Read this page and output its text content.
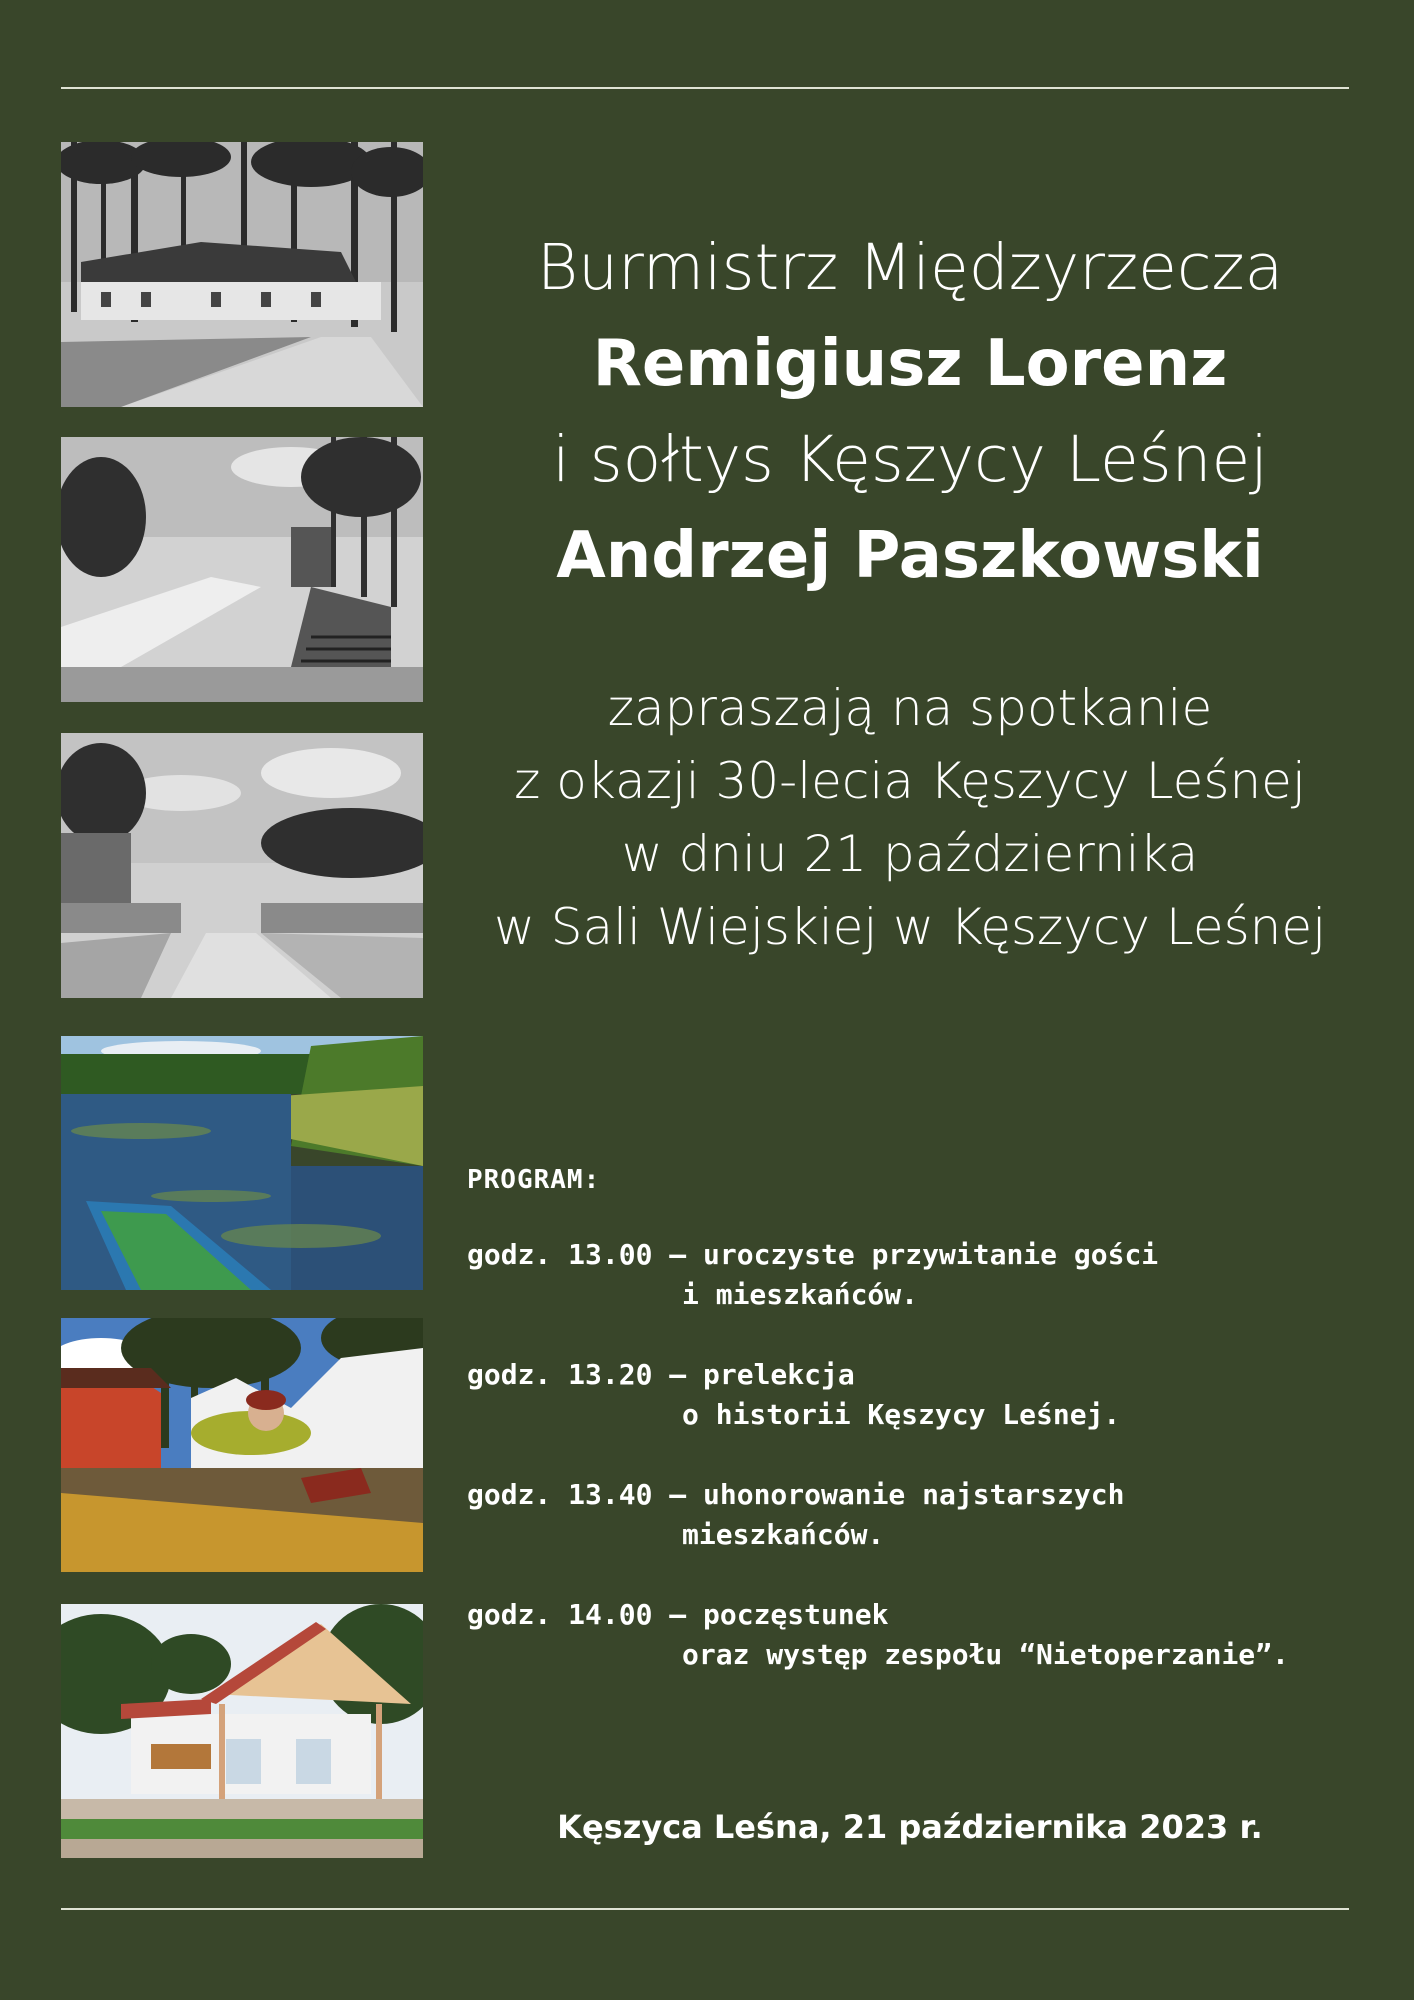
Burmistrz Międzyrzecza
Remigiusz Lorenz
i sołtys Kęszycy Leśnej
Andrzej Paszkowski
zapraszają na spotkanie
z okazji 30-lecia Kęszycy Leśnej
w dniu 21 października
w Sali Wiejskiej w Kęszycy Leśnej
PROGRAM:
godz. 13.00 – uroczyste przywitanie gości
i mieszkańców.
godz. 13.20 – prelekcja
o historii Kęszycy Leśnej.
godz. 13.40 – uhonorowanie najstarszych
mieszkańców.
godz. 14.00 – poczęstunek
oraz występ zespołu “Nietoperzanie”.
Kęszyca Leśna, 21 października 2023 r.
